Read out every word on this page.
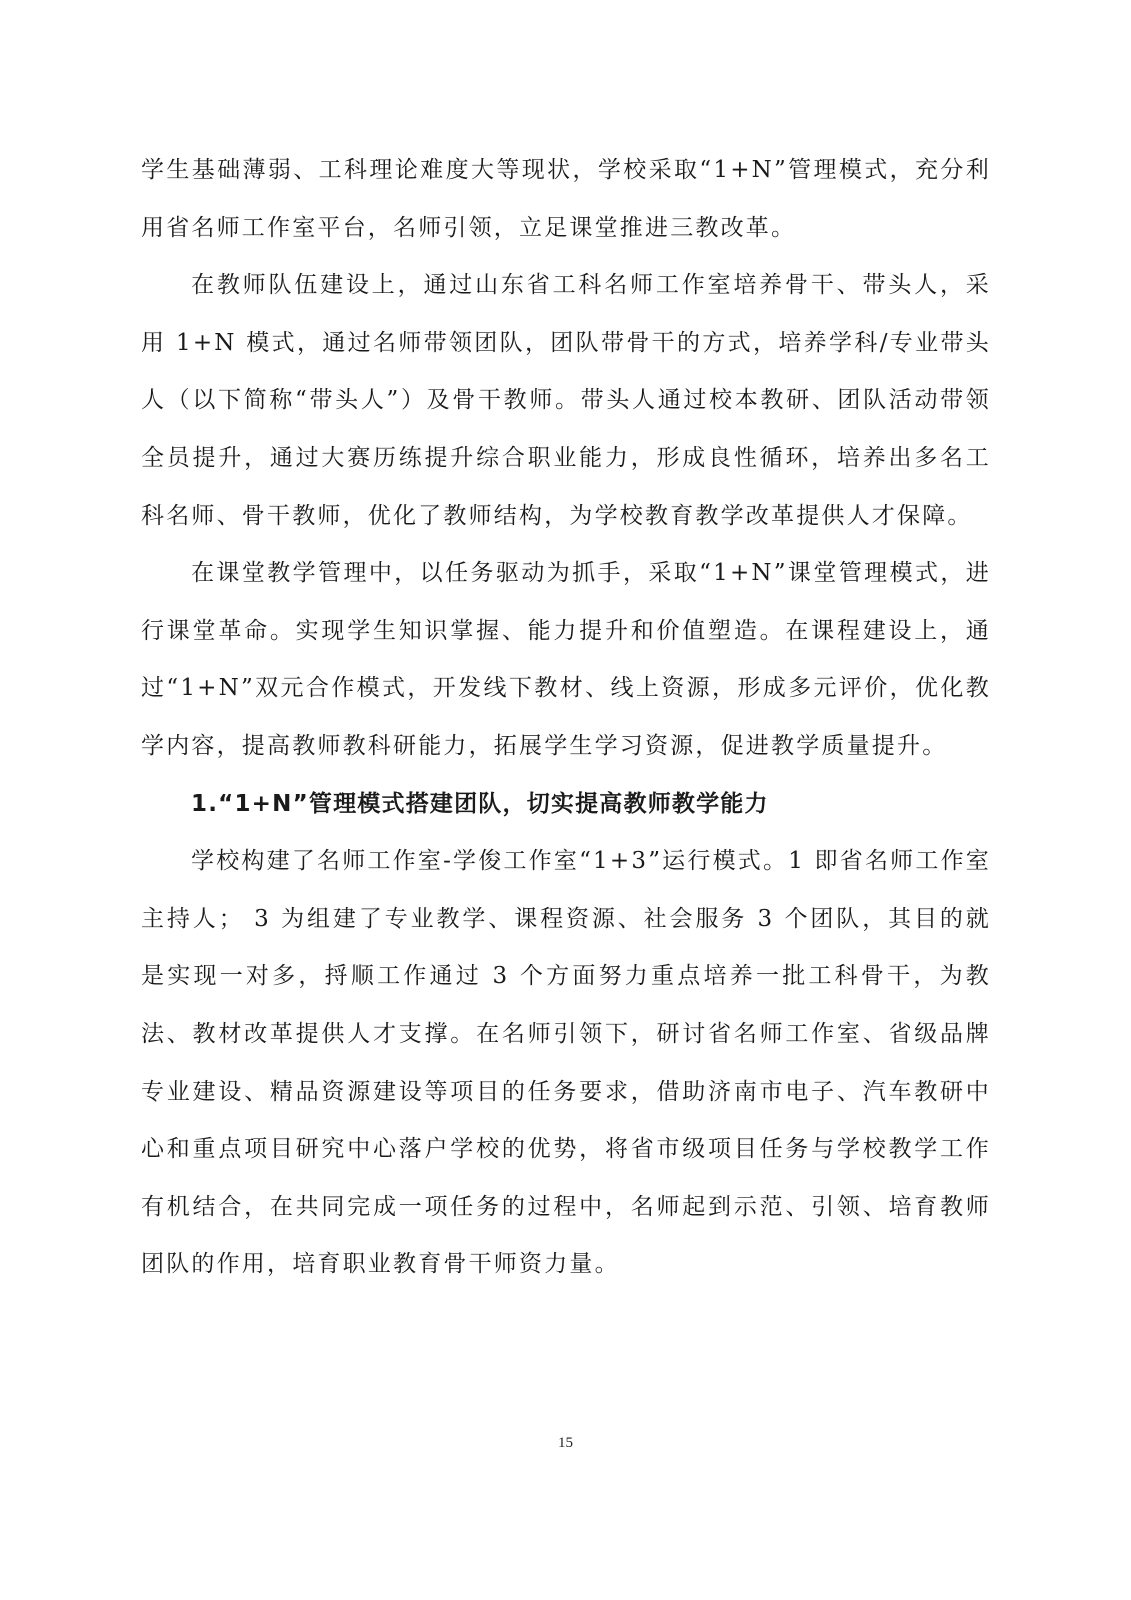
学生基础薄弱、工科理论难度大等现状，学校采取“1+N”管理模式，充分利用省名师工作室平台，名师引领，立足课堂推进三教改革。

在教师队伍建设上，通过山东省工科名师工作室培养骨干、带头人，采用 1+N 模式，通过名师带领团队，团队带骨干的方式，培养学科/专业带头人（以下简称“带头人”）及骨干教师。带头人通过校本教研、团队活动带领全员提升，通过大赛历练提升综合职业能力，形成良性循环，培养出多名工科名师、骨干教师，优化了教师结构，为学校教育教学改革提供人才保障。

在课堂教学管理中，以任务驱动为抓手，采取“1+N”课堂管理模式，进行课堂革命。实现学生知识掌握、能力提升和价值塑造。在课程建设上，通过“1+N”双元合作模式，开发线下教材、线上资源，形成多元评价，优化教学内容，提高教师教科研能力，拓展学生学习资源，促进教学质量提升。

1.“1+N”管理模式搭建团队，切实提高教师教学能力

学校构建了名师工作室-学俊工作室“1+3”运行模式。1 即省名师工作室主持人； 3 为组建了专业教学、课程资源、社会服务 3 个团队，其目的就是实现一对多，捋顺工作通过 3 个方面努力重点培养一批工科骨干，为教法、教材改革提供人才支撑。在名师引领下，研讨省名师工作室、省级品牌专业建设、精品资源建设等项目的任务要求，借助济南市电子、汽车教研中心和重点项目研究中心落户学校的优势，将省市级项目任务与学校教学工作有机结合，在共同完成一项任务的过程中，名师起到示范、引领、培育教师团队的作用，培育职业教育骨干师资力量。

15
